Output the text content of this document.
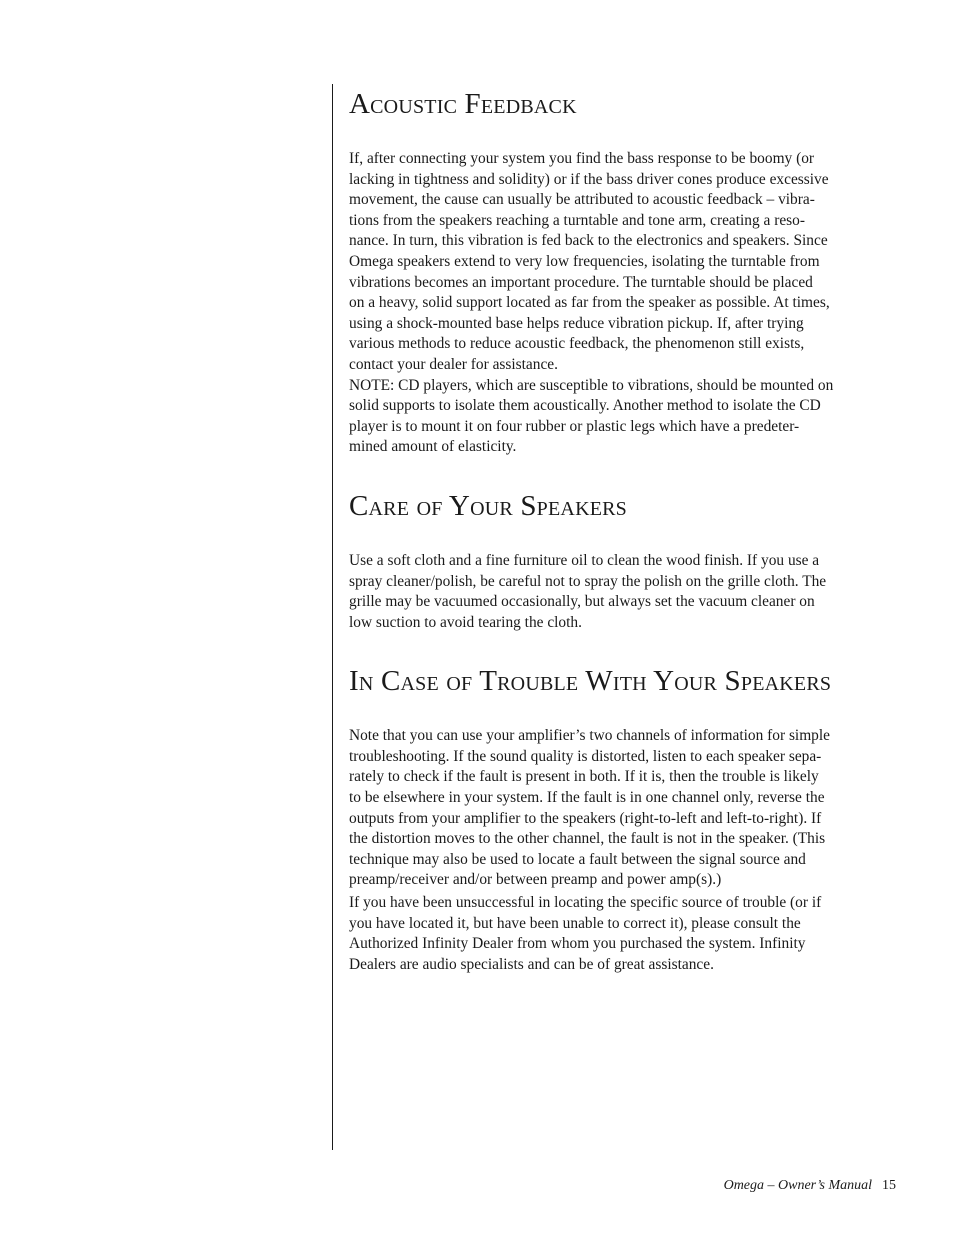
Acoustic Feedback

If, after connecting your system you find the bass response to be boomy (or
lacking in tightness and solidity) or if the bass driver cones produce excessive
movement, the cause can usually be attributed to acoustic feedback – vibra-
tions from the speakers reaching a turntable and tone arm, creating a reso-
nance. In turn, this vibration is fed back to the electronics and speakers. Since
Omega speakers extend to very low frequencies, isolating the turntable from
vibrations becomes an important procedure. The turntable should be placed
on a heavy, solid support located as far from the speaker as possible. At times,
using a shock-mounted base helps reduce vibration pickup. If, after trying
various methods to reduce acoustic feedback, the phenomenon still exists,
contact your dealer for assistance.
NOTE: CD players, which are susceptible to vibrations, should be mounted on
solid supports to isolate them acoustically. Another method to isolate the CD
player is to mount it on four rubber or plastic legs which have a predeter-
mined amount of elasticity.

Care of Your Speakers

Use a soft cloth and a fine furniture oil to clean the wood finish. If you use a
spray cleaner/polish, be careful not to spray the polish on the grille cloth. The
grille may be vacuumed occasionally, but always set the vacuum cleaner on
low suction to avoid tearing the cloth.

In Case of Trouble With Your Speakers

Note that you can use your amplifier’s two channels of information for simple
troubleshooting. If the sound quality is distorted, listen to each speaker sepa-
rately to check if the fault is present in both. If it is, then the trouble is likely
to be elsewhere in your system. If the fault is in one channel only, reverse the
outputs from your amplifier to the speakers (right-to-left and left-to-right). If
the distortion moves to the other channel, the fault is not in the speaker. (This
technique may also be used to locate a fault between the signal source and
preamp/receiver and/or between preamp and power amp(s).)

If you have been unsuccessful in locating the specific source of trouble (or if
you have located it, but have been unable to correct it), please consult the
Authorized Infinity Dealer from whom you purchased the system. Infinity
Dealers are audio specialists and can be of great assistance.

Omega – Owner’s Manual 15
